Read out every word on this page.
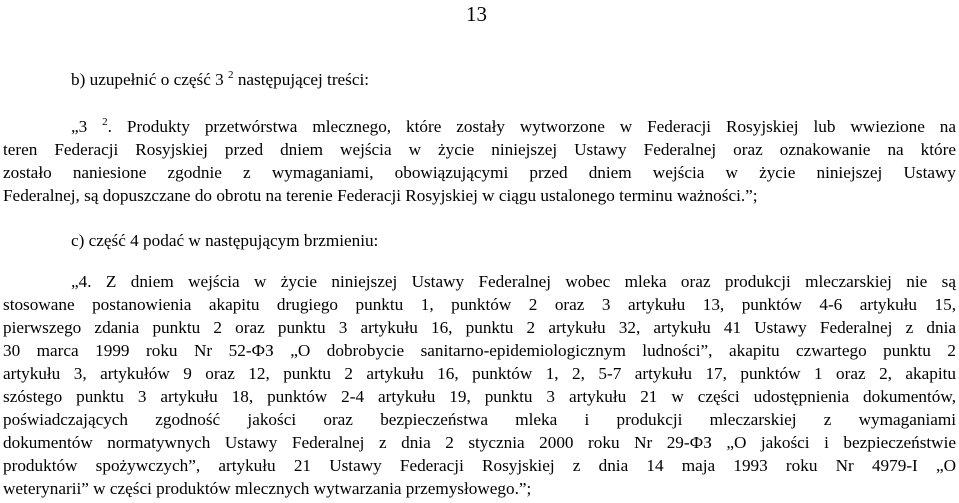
13
b) uzupełnić o część 3 $^2$ następującej treści:
„3 $^2$. Produkty przetwórstwa mlecznego, które zostały wytworzone w Federacji Rosyjskiej lub wwiezione na
teren Federacji Rosyjskiej przed dniem wejścia w życie niniejszej Ustawy Federalnej oraz oznakowanie na które
zostało naniesione zgodnie z wymaganiami, obowiązującymi przed dniem wejścia w życie niniejszej Ustawy
Federalnej, są dopuszczane do obrotu na terenie Federacji Rosyjskiej w ciągu ustalonego terminu ważności.”;
c) część 4 podać w następującym brzmieniu:
„4. Z dniem wejścia w życie niniejszej Ustawy Federalnej wobec mleka oraz produkcji mleczarskiej nie są
stosowane postanowienia akapitu drugiego punktu 1, punktów 2 oraz 3 artykułu 13, punktów 4-6 artykułu 15,
pierwszego zdania punktu 2 oraz punktu 3 artykułu 16, punktu 2 artykułu 32, artykułu 41 Ustawy Federalnej z dnia
30 marca 1999 roku Nr 52-ФЗ „O dobrobycie sanitarno-epidemiologicznym ludności”, akapitu czwartego punktu 2
artykułu 3, artykułów 9 oraz 12, punktu 2 artykułu 16, punktów 1, 2, 5-7 artykułu 17, punktów 1 oraz 2, akapitu
szóstego punktu 3 artykułu 18, punktów 2-4 artykułu 19, punktu 3 artykułu 21 w części udostępnienia dokumentów,
poświadczających zgodność jakości oraz bezpieczeństwa mleka i produkcji mleczarskiej z wymaganiami
dokumentów normatywnych Ustawy Federalnej z dnia 2 stycznia 2000 roku Nr 29-ФЗ „O jakości i bezpieczeństwie
produktów spożywczych”, artykułu 21 Ustawy Federacji Rosyjskiej z dnia 14 maja 1993 roku Nr 4979-I „O
weterynarii” w części produktów mlecznych wytwarzania przemysłowego.”;
